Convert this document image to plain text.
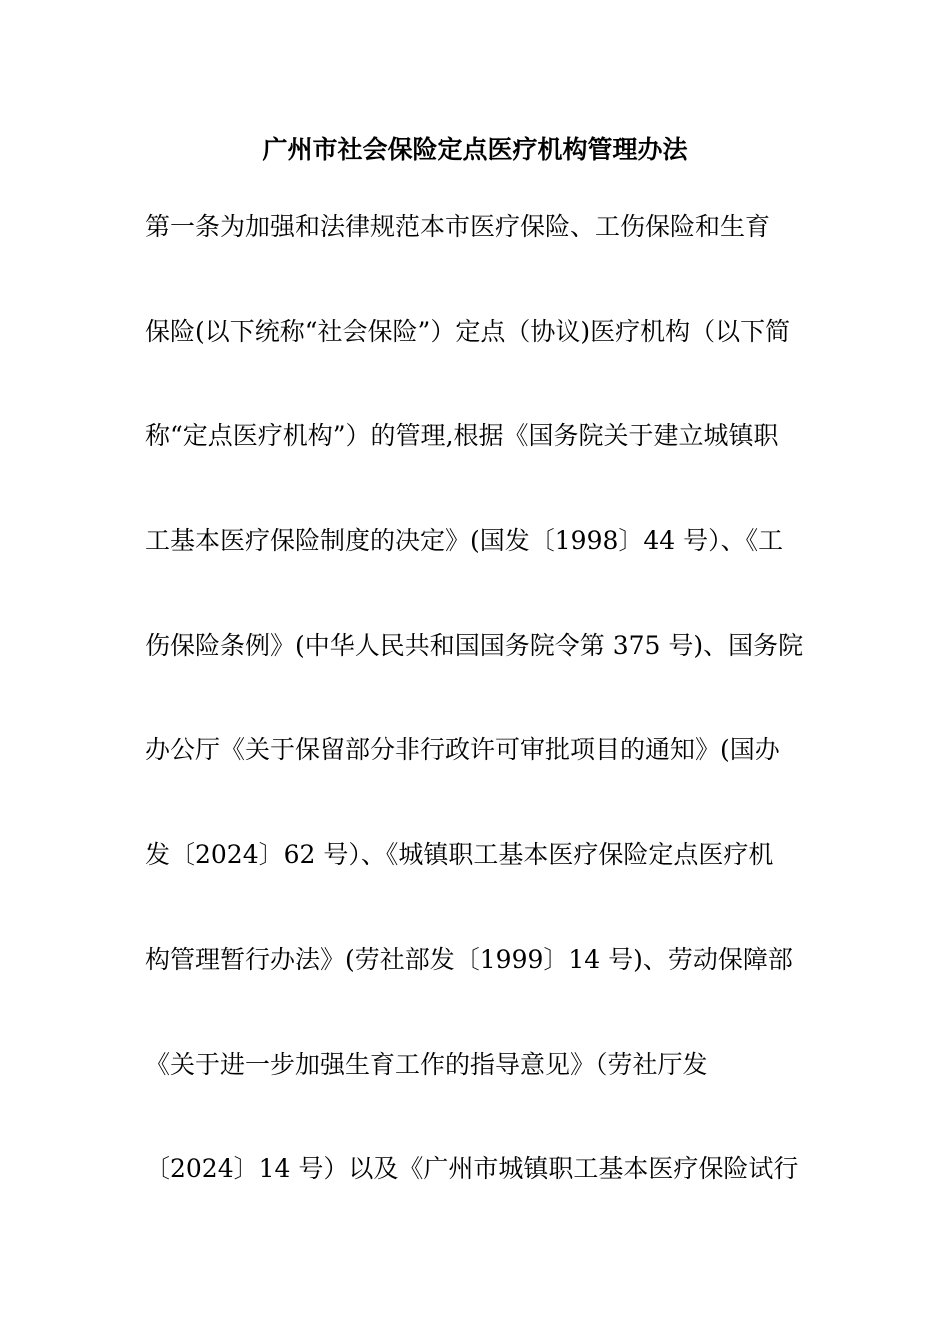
广州市社会保险定点医疗机构管理办法
第一条为加强和法律规范本市医疗保险、工伤保险和生育
保险(以下统称“社会保险”）定点（协议)医疗机构（以下简
称“定点医疗机构”）的管理,根据《国务院关于建立城镇职
工基本医疗保险制度的决定》(国发〔1998〕44 号）、《工
伤保险条例》(中华人民共和国国务院令第 375 号)、国务院
办公厅《关于保留部分非行政许可审批项目的通知》(国办
发〔2024〕62 号）、《城镇职工基本医疗保险定点医疗机
构管理暂行办法》(劳社部发〔1999〕14 号)、劳动保障部
《关于进一步加强生育工作的指导意见》（劳社厅发
〔2024〕14 号）以及《广州市城镇职工基本医疗保险试行
